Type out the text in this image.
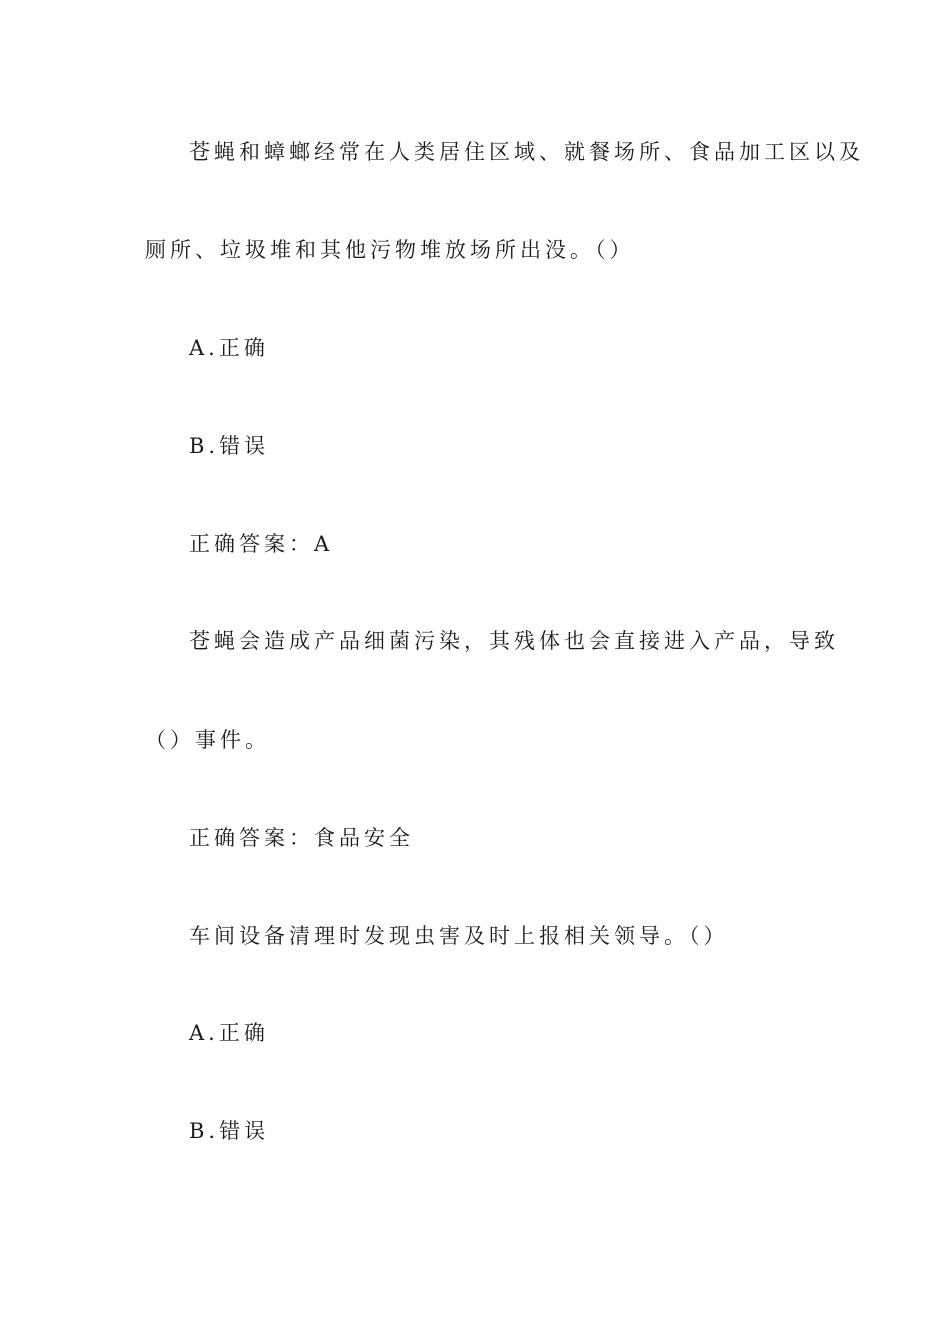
苍蝇和蟑螂经常在人类居住区域、就餐场所、食品加工区以及
厕所、垃圾堆和其他污物堆放场所出没。（）
A.正确
B.错误
正确答案：A
苍蝇会造成产品细菌污染，其残体也会直接进入产品，导致
（）事件。
正确答案：食品安全
车间设备清理时发现虫害及时上报相关领导。（）
A.正确
B.错误
